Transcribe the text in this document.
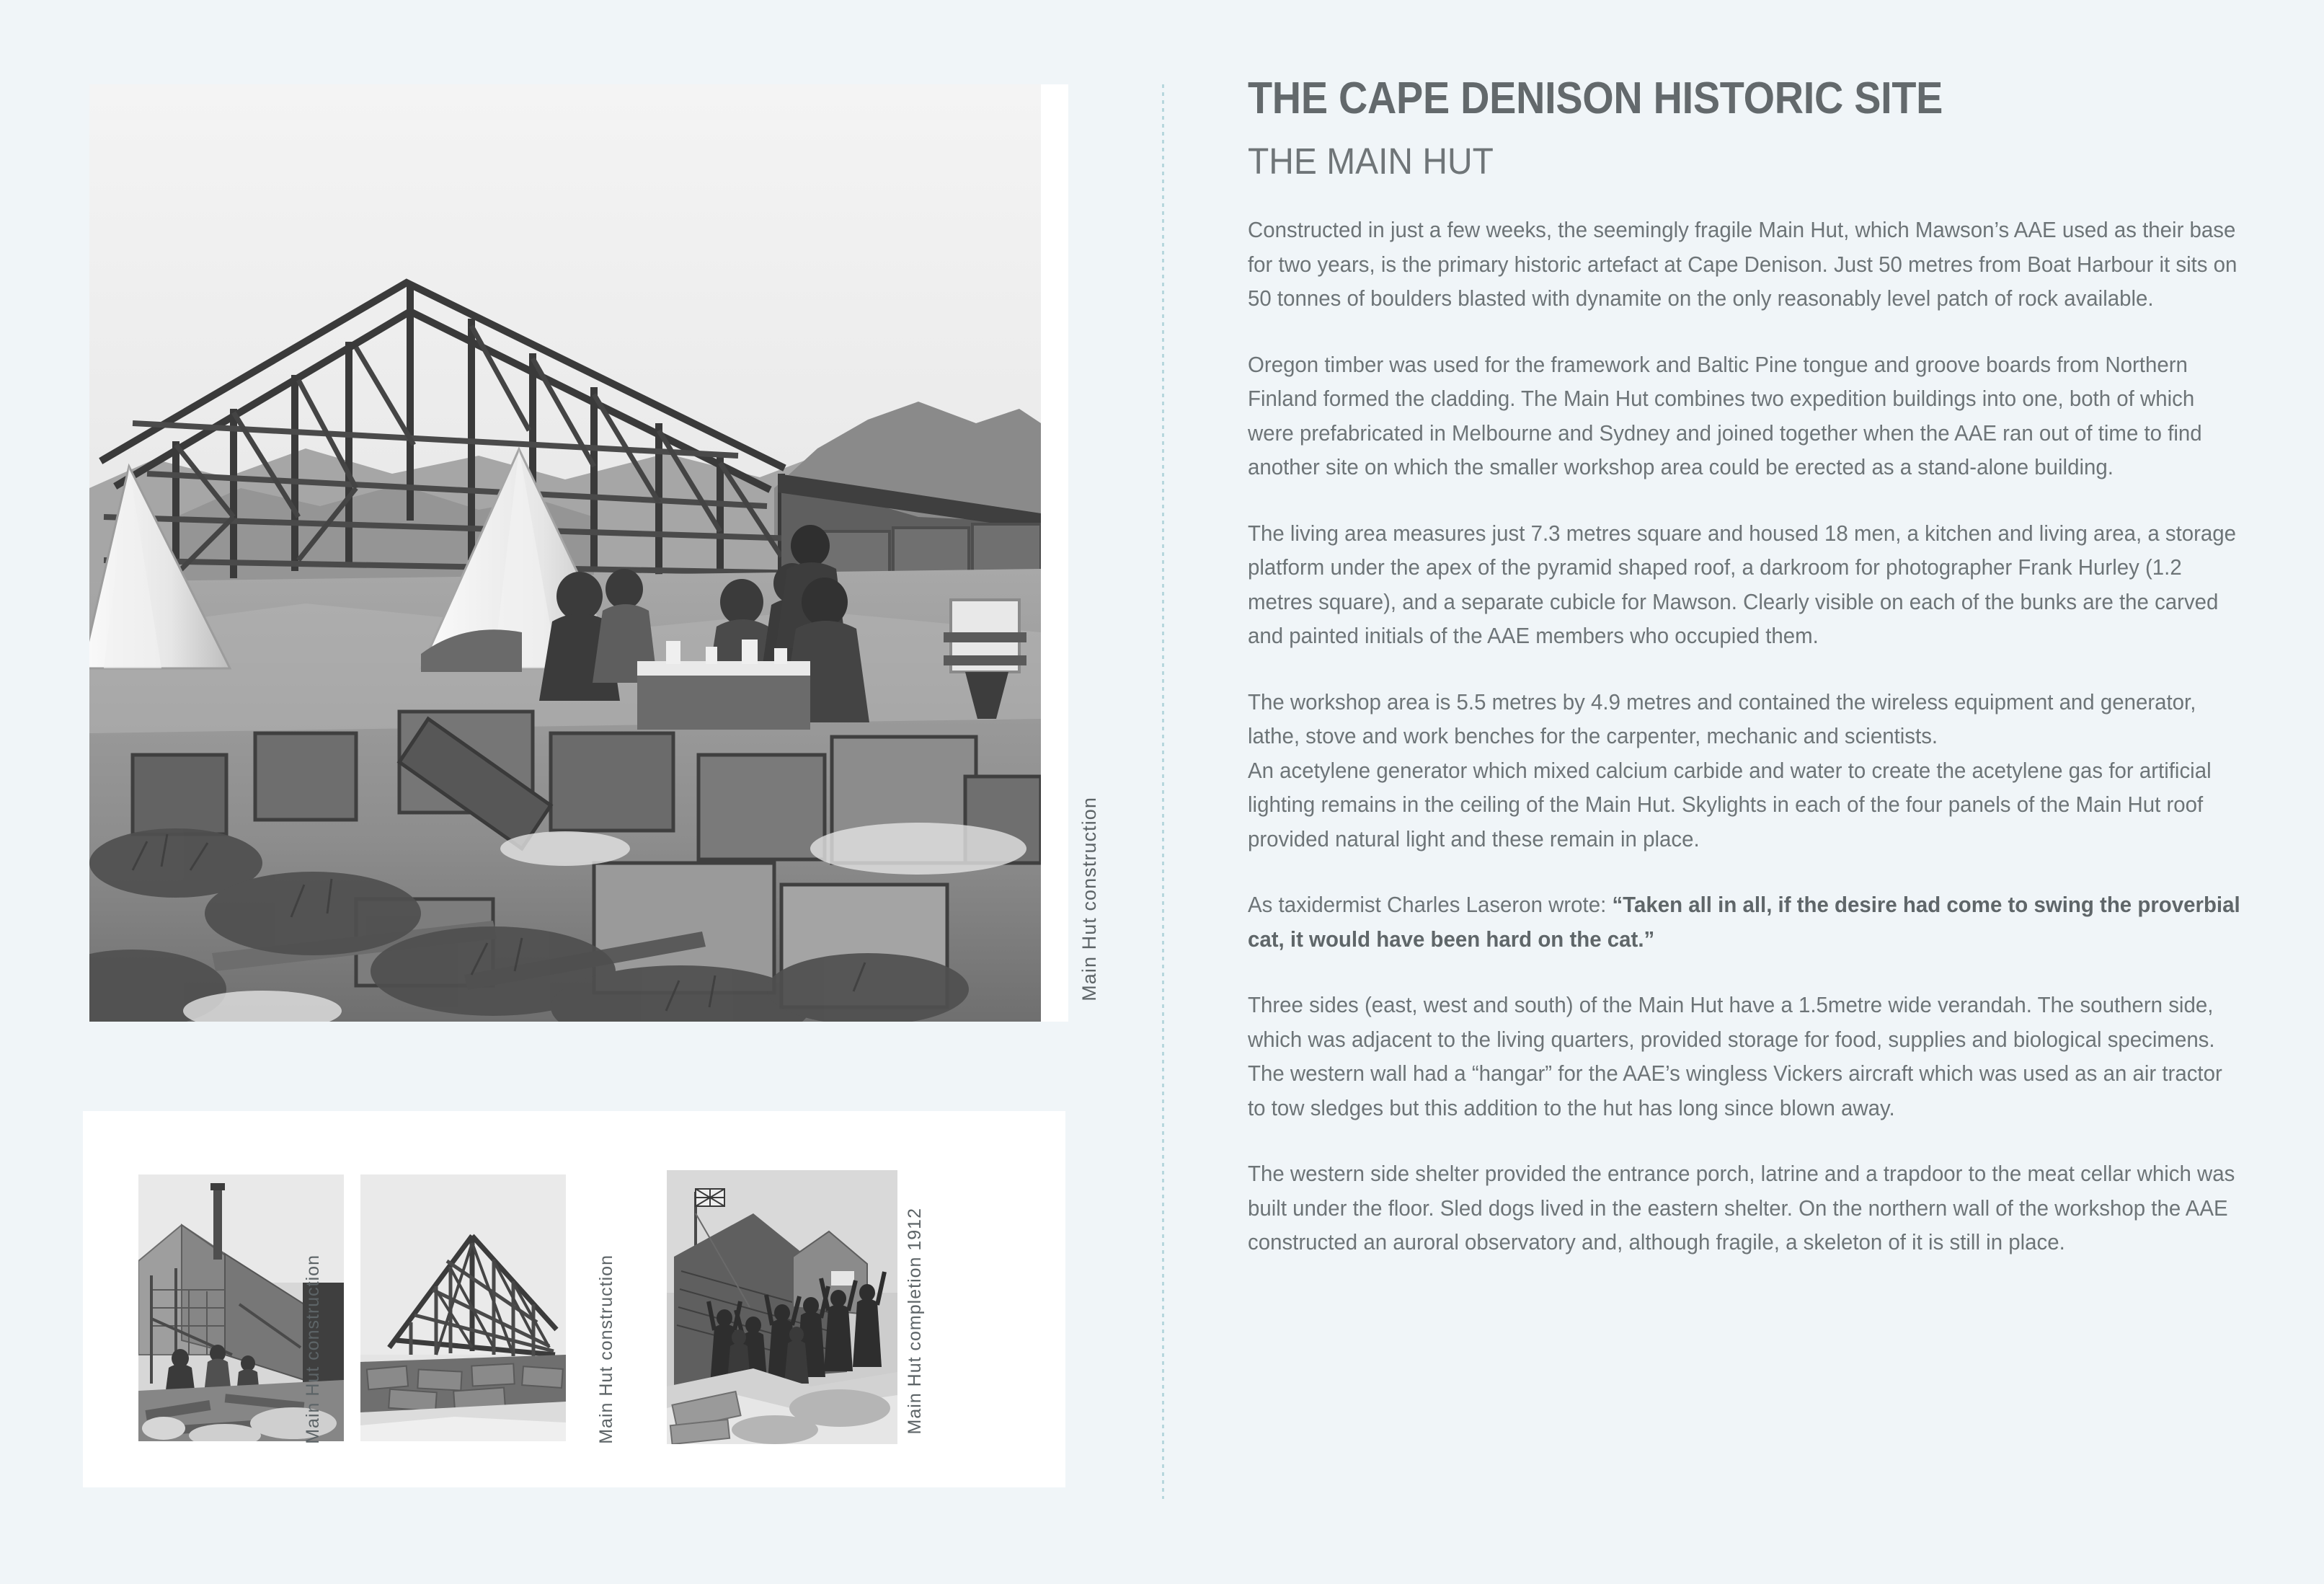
Main Hut construction
Main Hut construction	Main Hut construction	Main Hut completion 1912
THE CAPE DENISON HISTORIC SITE
THE MAIN HUT

Constructed in just a few weeks, the seemingly fragile Main Hut, which Mawson’s AAE used as their base for two years, is the primary historic artefact at Cape Denison. Just 50 metres from Boat Harbour it sits on 50 tonnes of boulders blasted with dynamite on the only reasonably level patch of rock available.

Oregon timber was used for the framework and Baltic Pine tongue and groove boards from Northern Finland formed the cladding. The Main Hut combines two expedition buildings into one, both of which were prefabricated in Melbourne and Sydney and joined together when the AAE ran out of time to find another site on which the smaller workshop area could be erected as a stand-alone building.

The living area measures just 7.3 metres square and housed 18 men, a kitchen and living area, a storage platform under the apex of the pyramid shaped roof, a darkroom for photographer Frank Hurley (1.2 metres square), and a separate cubicle for Mawson. Clearly visible on each of the bunks are the carved and painted initials of the AAE members who occupied them.

The workshop area is 5.5 metres by 4.9 metres and contained the wireless equipment and generator, lathe, stove and work benches for the carpenter, mechanic and scientists.
An acetylene generator which mixed calcium carbide and water to create the acetylene gas for artificial lighting remains in the ceiling of the Main Hut. Skylights in each of the four panels of the Main Hut roof provided natural light and these remain in place.

As taxidermist Charles Laseron wrote: “Taken all in all, if the desire had come to swing the proverbial cat, it would have been hard on the cat.”

Three sides (east, west and south) of the Main Hut have a 1.5metre wide verandah. The southern side, which was adjacent to the living quarters, provided storage for food, supplies and biological specimens. The western wall had a “hangar” for the AAE’s wingless Vickers aircraft which was used as an air tractor to tow sledges but this addition to the hut has long since blown away.

The western side shelter provided the entrance porch, latrine and a trapdoor to the meat cellar which was built under the floor. Sled dogs lived in the eastern shelter. On the northern wall of the workshop the AAE constructed an auroral observatory and, although fragile, a skeleton of it is still in place.
